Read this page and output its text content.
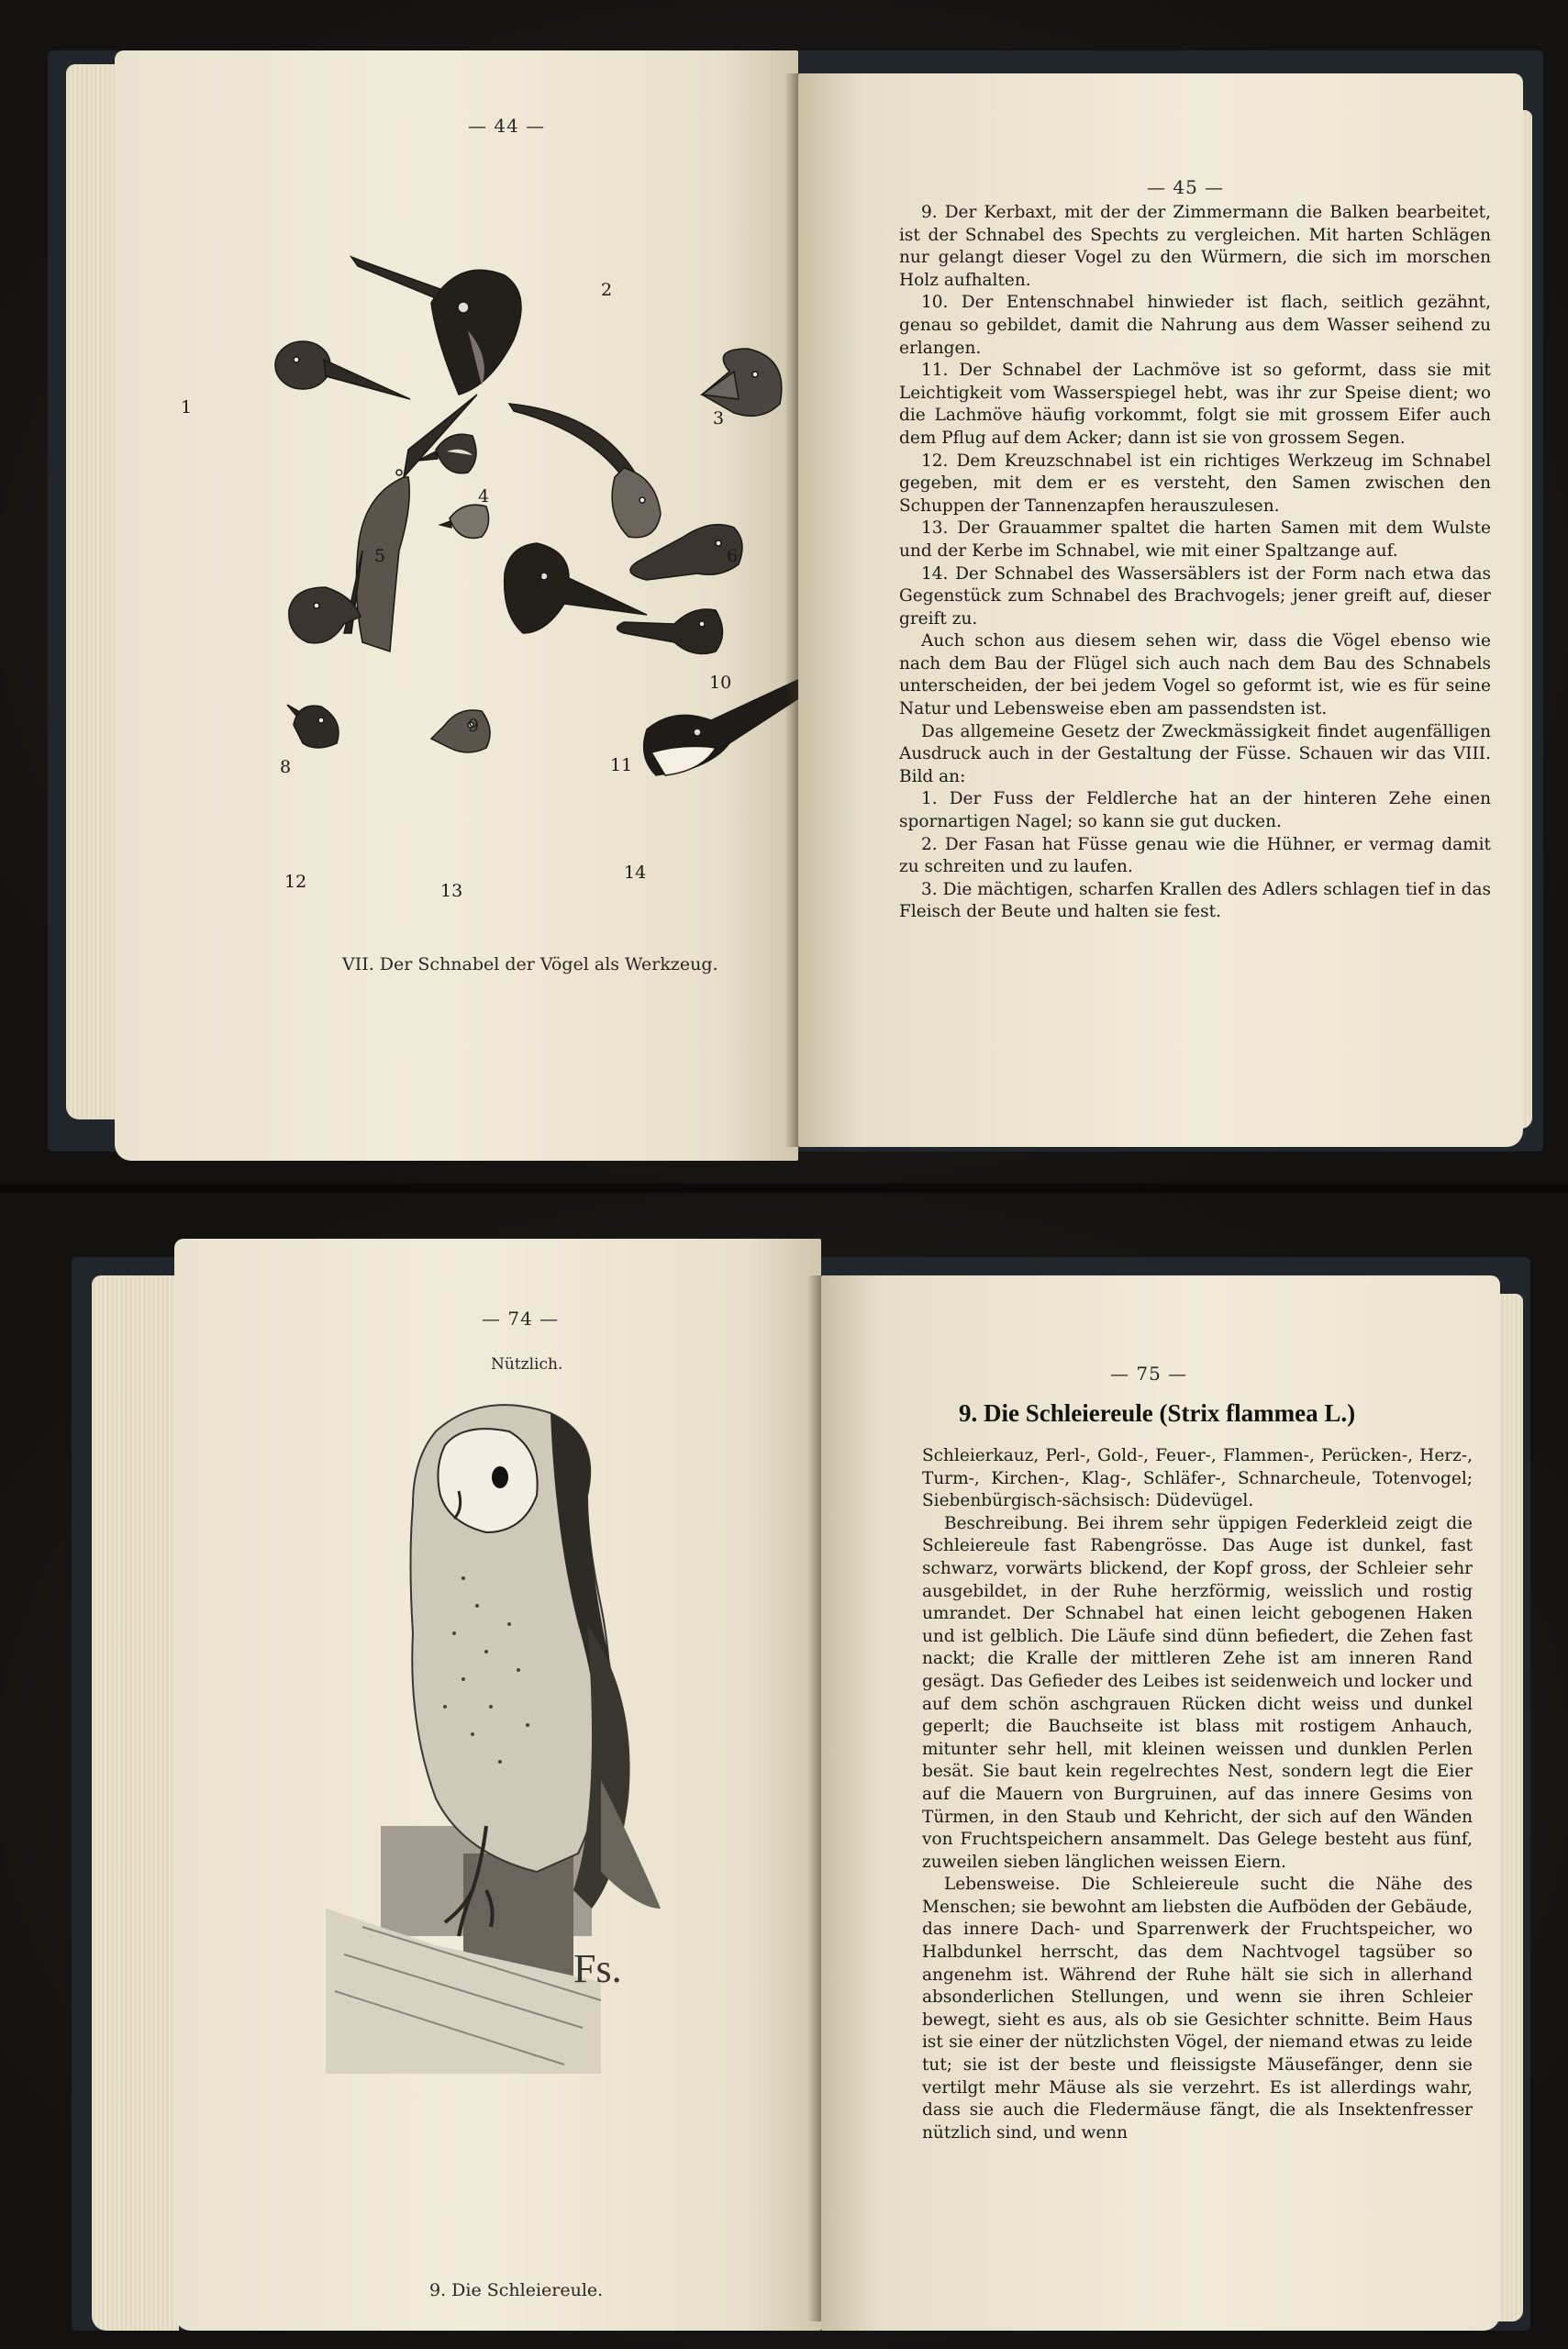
— 44 —
1
2
3
4
5	6
7
8
9
10
11
12	13
14
VII. Der Schnabel der Vögel als Werkzeug.
— 45 —

9. Der Kerbaxt, mit der der Zimmermann die Balken bearbeitet, ist der Schnabel des Spechts zu vergleichen. Mit harten Schlägen nur gelangt dieser Vogel zu den Würmern, die sich im morschen Holz aufhalten.

10. Der Entenschnabel hinwieder ist flach, seitlich gezähnt, genau so gebildet, damit die Nahrung aus dem Wasser seihend zu erlangen.

11. Der Schnabel der Lachmöve ist so geformt, dass sie mit Leichtigkeit vom Wasserspiegel hebt, was ihr zur Speise dient; wo die Lachmöve häufig vorkommt, folgt sie mit grossem Eifer auch dem Pflug auf dem Acker; dann ist sie von grossem Segen.

12. Dem Kreuzschnabel ist ein richtiges Werkzeug im Schnabel gegeben, mit dem er es versteht, den Samen zwischen den Schuppen der Tannenzapfen herauszulesen.

13. Der Grauammer spaltet die harten Samen mit dem Wulste und der Kerbe im Schnabel, wie mit einer Spaltzange auf.

14. Der Schnabel des Wassersäblers ist der Form nach etwa das Gegenstück zum Schnabel des Brachvogels; jener greift auf, dieser greift zu.

Auch schon aus diesem sehen wir, dass die Vögel ebenso wie nach dem Bau der Flügel sich auch nach dem Bau des Schnabels unterscheiden, der bei jedem Vogel so geformt ist, wie es für seine Natur und Lebensweise eben am passendsten ist.

Das allgemeine Gesetz der Zweckmässigkeit findet augenfälligen Ausdruck auch in der Gestaltung der Füsse. Schauen wir das VIII. Bild an:

1. Der Fuss der Feldlerche hat an der hinteren Zehe einen spornartigen Nagel; so kann sie gut ducken.

2. Der Fasan hat Füsse genau wie die Hühner, er vermag damit zu schreiten und zu laufen.

3. Die mächtigen, scharfen Krallen des Adlers schlagen tief in das Fleisch der Beute und halten sie fest.

— 74 —
Nützlich.
Fs.
9. Die Schleiereule.
— 75 —
9. Die Schleiereule (Strix flammea L.)

Schleierkauz, Perl-, Gold-, Feuer-, Flammen-, Perücken-, Herz-, Turm-, Kirchen-, Klag-, Schläfer-, Schnarcheule, Totenvogel; Siebenbürgisch-sächsisch: Düdevügel.

Beschreibung. Bei ihrem sehr üppigen Federkleid zeigt die Schleiereule fast Rabengrösse. Das Auge ist dunkel, fast schwarz, vorwärts blickend, der Kopf gross, der Schleier sehr ausgebildet, in der Ruhe herzförmig, weisslich und rostig umrandet. Der Schnabel hat einen leicht gebogenen Haken und ist gelblich. Die Läufe sind dünn befiedert, die Zehen fast nackt; die Kralle der mittleren Zehe ist am inneren Rand gesägt. Das Gefieder des Leibes ist seidenweich und locker und auf dem schön aschgrauen Rücken dicht weiss und dunkel geperlt; die Bauchseite ist blass mit rostigem Anhauch, mitunter sehr hell, mit kleinen weissen und dunklen Perlen besät. Sie baut kein regelrechtes Nest, sondern legt die Eier auf die Mauern von Burgruinen, auf das innere Gesims von Türmen, in den Staub und Kehricht, der sich auf den Wänden von Fruchtspeichern ansammelt. Das Gelege besteht aus fünf, zuweilen sieben länglichen weissen Eiern.

Lebensweise. Die Schleiereule sucht die Nähe des Menschen; sie bewohnt am liebsten die Aufböden der Gebäude, das innere Dach- und Sparrenwerk der Fruchtspeicher, wo Halbdunkel herrscht, das dem Nachtvogel tagsüber so angenehm ist. Während der Ruhe hält sie sich in allerhand absonderlichen Stellungen, und wenn sie ihren Schleier bewegt, sieht es aus, als ob sie Gesichter schnitte. Beim Haus ist sie einer der nützlichsten Vögel, der niemand etwas zu leide tut; sie ist der beste und fleissigste Mäusefänger, denn sie vertilgt mehr Mäuse als sie verzehrt. Es ist allerdings wahr, dass sie auch die Fledermäuse fängt, die als Insektenfresser nützlich sind, und wenn
